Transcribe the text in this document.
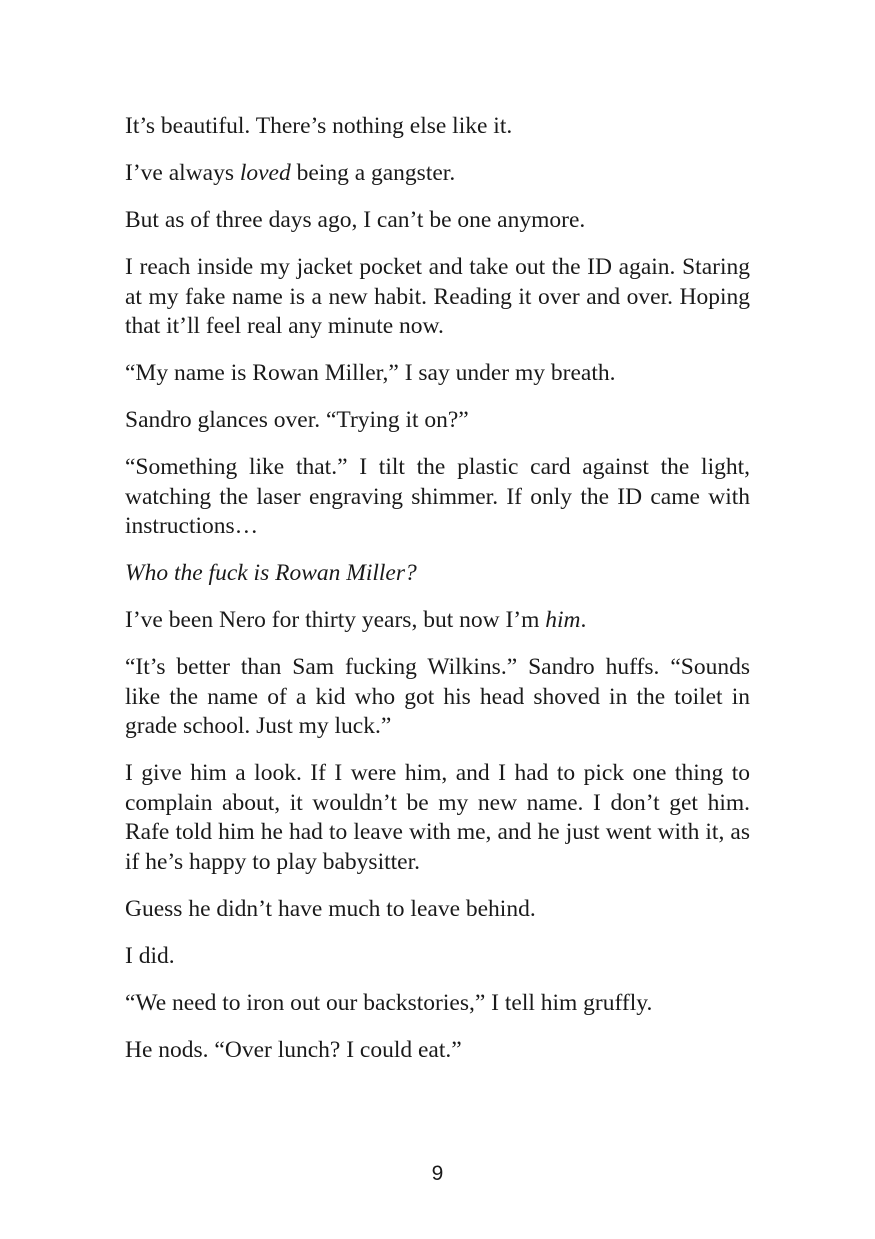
It’s beautiful. There’s nothing else like it.

I’ve always loved being a gangster.

But as of three days ago, I can’t be one anymore.

I reach inside my jacket pocket and take out the ID again. Staring at my fake name is a new habit. Reading it over and over. Hoping that it’ll feel real any minute now.

“My name is Rowan Miller,” I say under my breath.

Sandro glances over. “Trying it on?”

“Something like that.” I tilt the plastic card against the light, watching the laser engraving shimmer. If only the ID came with instructions…

Who the fuck is Rowan Miller?

I’ve been Nero for thirty years, but now I’m him.

“It’s better than Sam fucking Wilkins.” Sandro huffs. “Sounds like the name of a kid who got his head shoved in the toilet in grade school. Just my luck.”

I give him a look. If I were him, and I had to pick one thing to complain about, it wouldn’t be my new name. I don’t get him. Rafe told him he had to leave with me, and he just went with it, as if he’s happy to play babysitter.

Guess he didn’t have much to leave behind.

I did.

“We need to iron out our backstories,” I tell him gruffly.

He nods. “Over lunch? I could eat.”

9
